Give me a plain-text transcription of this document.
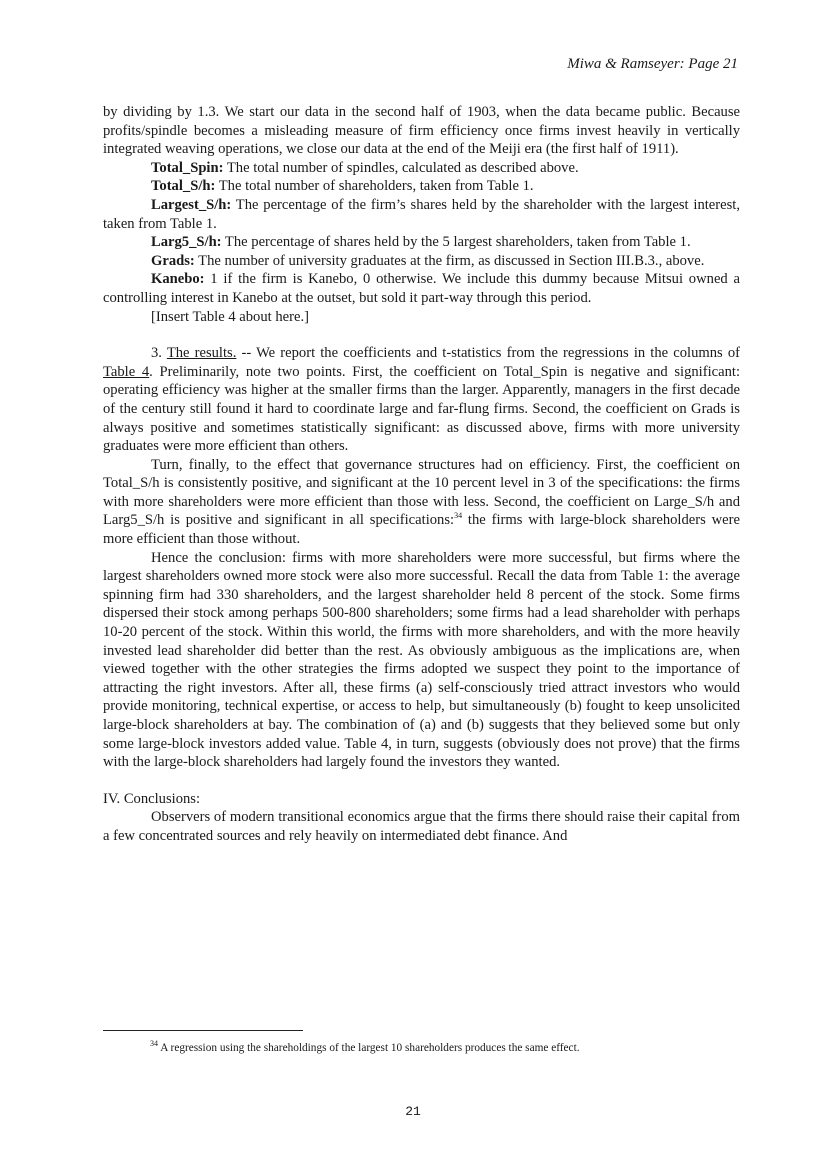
Miwa & Ramseyer: Page 21

by dividing by 1.3. We start our data in the second half of 1903, when the data became public. Because profits/spindle becomes a misleading measure of firm efficiency once firms invest heavily in vertically integrated weaving operations, we close our data at the end of the Meiji era (the first half of 1911).

Total_Spin: The total number of spindles, calculated as described above.

Total_S/h: The total number of shareholders, taken from Table 1.

Largest_S/h: The percentage of the firm’s shares held by the shareholder with the largest interest, taken from Table 1.

Larg5_S/h: The percentage of shares held by the 5 largest shareholders, taken from Table 1.

Grads: The number of university graduates at the firm, as discussed in Section III.B.3., above.

Kanebo: 1 if the firm is Kanebo, 0 otherwise. We include this dummy because Mitsui owned a controlling interest in Kanebo at the outset, but sold it part-way through this period.

[Insert Table 4 about here.]

3. The results. -- We report the coefficients and t-statistics from the regressions in the columns of Table 4. Preliminarily, note two points. First, the coefficient on Total_Spin is negative and significant: operating efficiency was higher at the smaller firms than the larger. Apparently, managers in the first decade of the century still found it hard to coordinate large and far-flung firms. Second, the coefficient on Grads is always positive and sometimes statistically significant: as discussed above, firms with more university graduates were more efficient than others.

Turn, finally, to the effect that governance structures had on efficiency. First, the coefficient on Total_S/h is consistently positive, and significant at the 10 percent level in 3 of the specifications: the firms with more shareholders were more efficient than those with less. Second, the coefficient on Large_S/h and Larg5_S/h is positive and significant in all specifications:$^{34}$ the firms with large-block shareholders were more efficient than those without.

Hence the conclusion: firms with more shareholders were more successful, but firms where the largest shareholders owned more stock were also more successful. Recall the data from Table 1: the average spinning firm had 330 shareholders, and the largest shareholder held 8 percent of the stock. Some firms dispersed their stock among perhaps 500-800 shareholders; some firms had a lead shareholder with perhaps 10-20 percent of the stock. Within this world, the firms with more shareholders, and with the more heavily invested lead shareholder did better than the rest. As obviously ambiguous as the implications are, when viewed together with the other strategies the firms adopted we suspect they point to the importance of attracting the right investors. After all, these firms (a) self-consciously tried attract investors who would provide monitoring, technical expertise, or access to help, but simultaneously (b) fought to keep unsolicited large-block shareholders at bay. The combination of (a) and (b) suggests that they believed some but only some large-block investors added value. Table 4, in turn, suggests (obviously does not prove) that the firms with the large-block shareholders had largely found the investors they wanted.

IV. Conclusions:

Observers of modern transitional economics argue that the firms there should raise their capital from a few concentrated sources and rely heavily on intermediated debt finance. And

$^{34}$ A regression using the shareholdings of the largest 10 shareholders produces the same effect.
21
